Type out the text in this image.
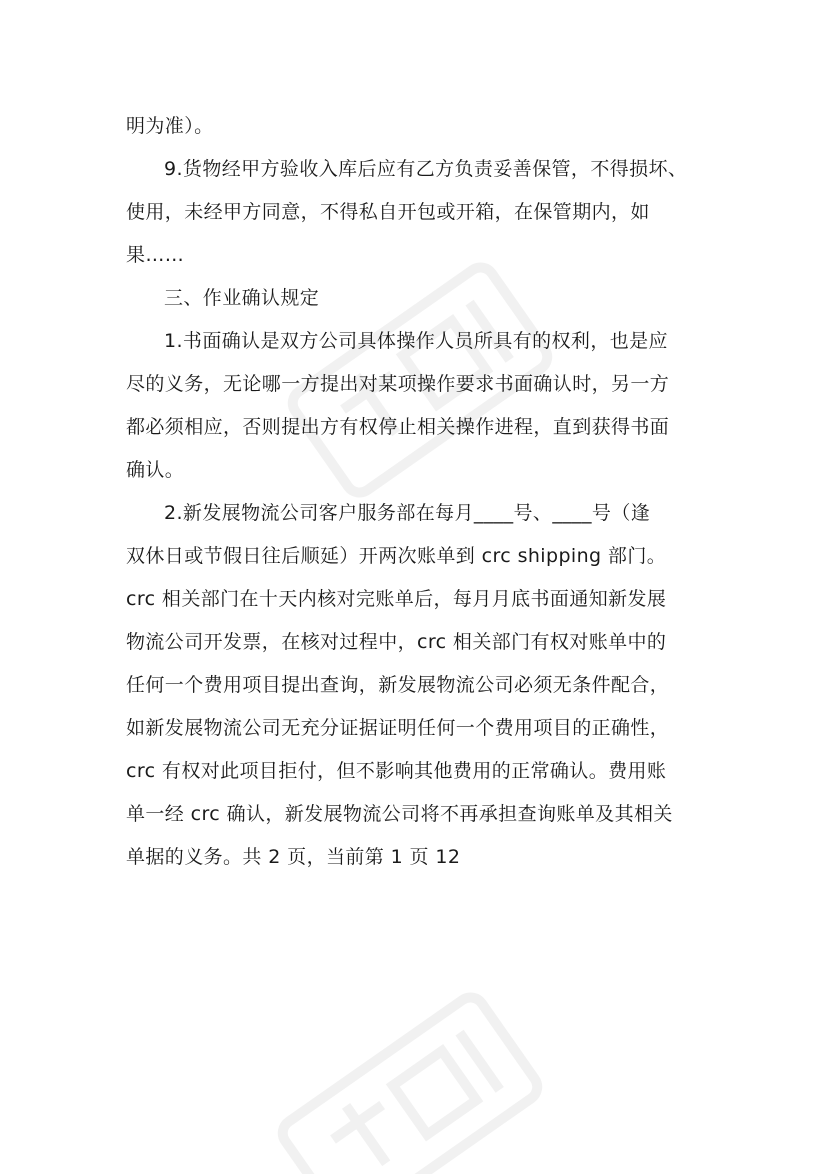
明为准）。
9.货物经甲方验收入库后应有乙方负责妥善保管，不得损坏、
使用，未经甲方同意，不得私自开包或开箱，在保管期内，如
果……
三、作业确认规定
1.书面确认是双方公司具体操作人员所具有的权利，也是应
尽的义务，无论哪一方提出对某项操作要求书面确认时，另一方
都必须相应，否则提出方有权停止相关操作进程，直到获得书面
确认。
2.新发展物流公司客户服务部在每月____号、____号（逢
双休日或节假日往后顺延）开两次账单到 crc shipping 部门。
crc 相关部门在十天内核对完账单后，每月月底书面通知新发展
物流公司开发票，在核对过程中，crc 相关部门有权对账单中的
任何一个费用项目提出查询，新发展物流公司必须无条件配合，
如新发展物流公司无充分证据证明任何一个费用项目的正确性，
crc 有权对此项目拒付，但不影响其他费用的正常确认。费用账
单一经 crc 确认，新发展物流公司将不再承担查询账单及其相关
单据的义务。共 2 页，当前第 1 页 12
